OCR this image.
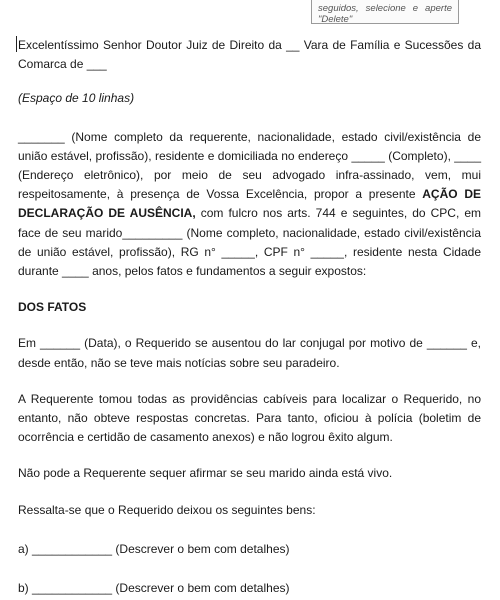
seguidos, selecione e aperte
"Delete"

Excelentíssimo Senhor Doutor Juiz de Direito da __ Vara de Família e Sucessões da Comarca de ___

(Espaço de 10 linhas)

_______ (Nome completo da requerente, nacionalidade, estado civil/existência de união estável, profissão), residente e domiciliada no endereço _____ (Completo), ____ (Endereço eletrônico), por meio de seu advogado infra-assinado, vem, mui respeitosamente, à presença de Vossa Excelência, propor a presente AÇÃO DE DECLARAÇÃO DE AUSÊNCIA, com fulcro nos arts. 744 e seguintes, do CPC, em face de seu marido_________ (Nome completo, nacionalidade, estado civil/existência de união estável, profissão), RG n° _____, CPF n° _____, residente nesta Cidade durante ____ anos, pelos fatos e fundamentos a seguir expostos:

DOS FATOS

Em ______ (Data), o Requerido se ausentou do lar conjugal por motivo de ______ e, desde então, não se teve mais notícias sobre seu paradeiro.

A Requerente tomou todas as providências cabíveis para localizar o Requerido, no entanto, não obteve respostas concretas. Para tanto, oficiou à polícia (boletim de ocorrência e certidão de casamento anexos) e não logrou êxito algum.

Não pode a Requerente sequer afirmar se seu marido ainda está vivo.

Ressalta-se que o Requerido deixou os seguintes bens:

a) ____________ (Descrever o bem com detalhes)

b) ____________ (Descrever o bem com detalhes)
